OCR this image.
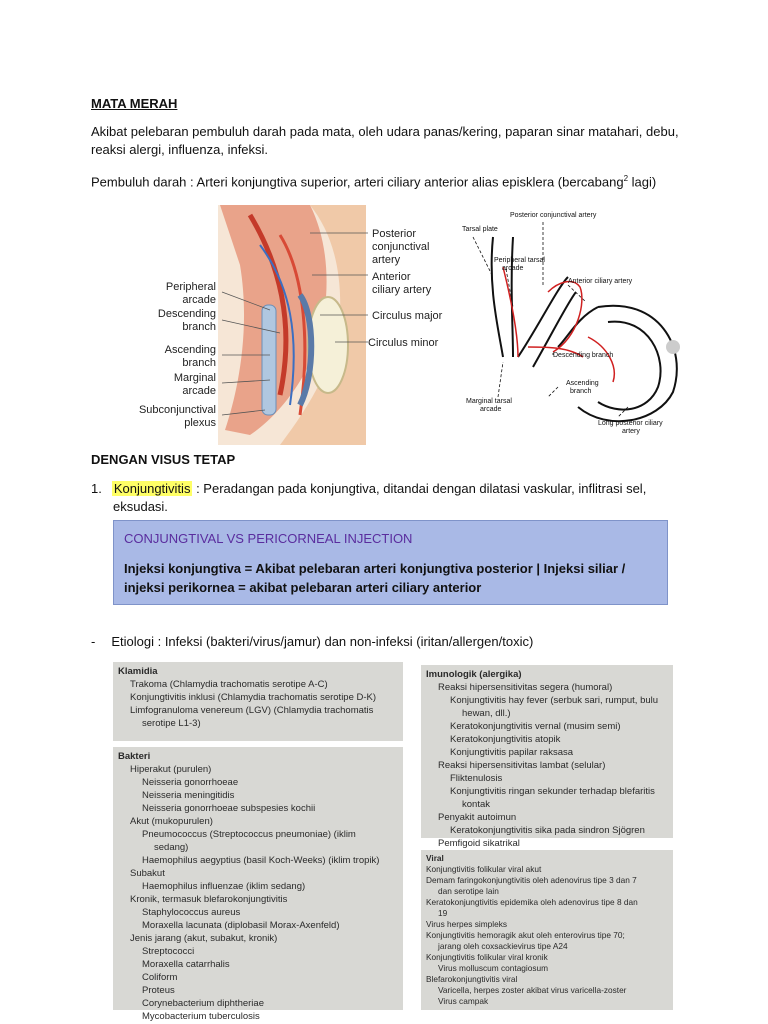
MATA MERAH
Akibat pelebaran pembuluh darah pada mata, oleh udara panas/kering, paparan sinar matahari, debu,
reaksi alergi, influenza, infeksi.
Pembuluh darah : Arteri konjungtiva superior, arteri ciliary anterior alias episklera (bercabang$^2$ lagi)
Posterior
conjunctival
artery
Anterior
ciliary artery
Circulus major
Circulus minor
Peripheral
arcade
Descending
branch
Ascending
branch
Marginal
arcade
Subconjunctival
plexus
Posterior conjunctival artery
Tarsal plate
Peripheral tarsal
arcade
Anterior ciliary artery
Descending branch
Ascending
branch
Marginal tarsal
arcade
Long posterior ciliary
artery
DENGAN VISUS TETAP
1. Konjungtivitis : Peradangan pada konjungtiva, ditandai dengan dilatasi vaskular, inflitrasi sel,
eksudasi.
CONJUNGTIVAL VS PERICORNEAL INJECTION
Injeksi konjungtiva = Akibat pelebaran arteri konjungtiva posterior | Injeksi siliar / injeksi perikornea = akibat pelebaran arteri ciliary anterior
- Etiologi : Infeksi (bakteri/virus/jamur) dan non-infeksi (iritan/allergen/toxic)
Klamidia
Trakoma (Chlamydia trachomatis serotipe A-C)
Konjungtivitis inklusi (Chlamydia trachomatis serotipe D-K)
Limfogranuloma venereum (LGV) (Chlamydia trachomatis
serotipe L1-3)
Bakteri
Hiperakut (purulen)
Neisseria gonorrhoeae
Neisseria meningitidis
Neisseria gonorrhoeae subspesies kochii
Akut (mukopurulen)
Pneumococcus (Streptococcus pneumoniae) (iklim
sedang)
Haemophilus aegyptius (basil Koch-Weeks) (iklim tropik)
Subakut
Haemophilus influenzae (iklim sedang)
Kronik, termasuk blefarokonjungtivitis
Staphylococcus aureus
Moraxella lacunata (diplobasil Morax-Axenfeld)
Jenis jarang (akut, subakut, kronik)
Streptococci
Moraxella catarrhalis
Coliform
Proteus
Corynebacterium diphtheriae
Mycobacterium tuberculosis
Imunologik (alergika)
Reaksi hipersensitivitas segera (humoral)
Konjungtivitis hay fever (serbuk sari, rumput, bulu
hewan, dll.)
Keratokonjungtivitis vernal (musim semi)
Keratokonjungtivitis atopik
Konjungtivitis papilar raksasa
Reaksi hipersensitivitas lambat (selular)
Fliktenulosis
Konjungtivitis ringan sekunder terhadap blefaritis
kontak
Penyakit autoimun
Keratokonjungtivitis sika pada sindron Sjögren
Pemfigoid sikatrikal
Viral
Konjungtivitis folikular viral akut
Demam faringokonjungtivitis oleh adenovirus tipe 3 dan 7
dan serotipe lain
Keratokonjungtivitis epidemika oleh adenovirus tipe 8 dan
19
Virus herpes simpleks
Konjungtivitis hemoragik akut oleh enterovirus tipe 70;
jarang oleh coxsackievirus tipe A24
Konjungtivitis folikular viral kronik
Virus molluscum contagiosum
Blefarokonjungtivitis viral
Varicella, herpes zoster akibat virus varicella-zoster
Virus campak
